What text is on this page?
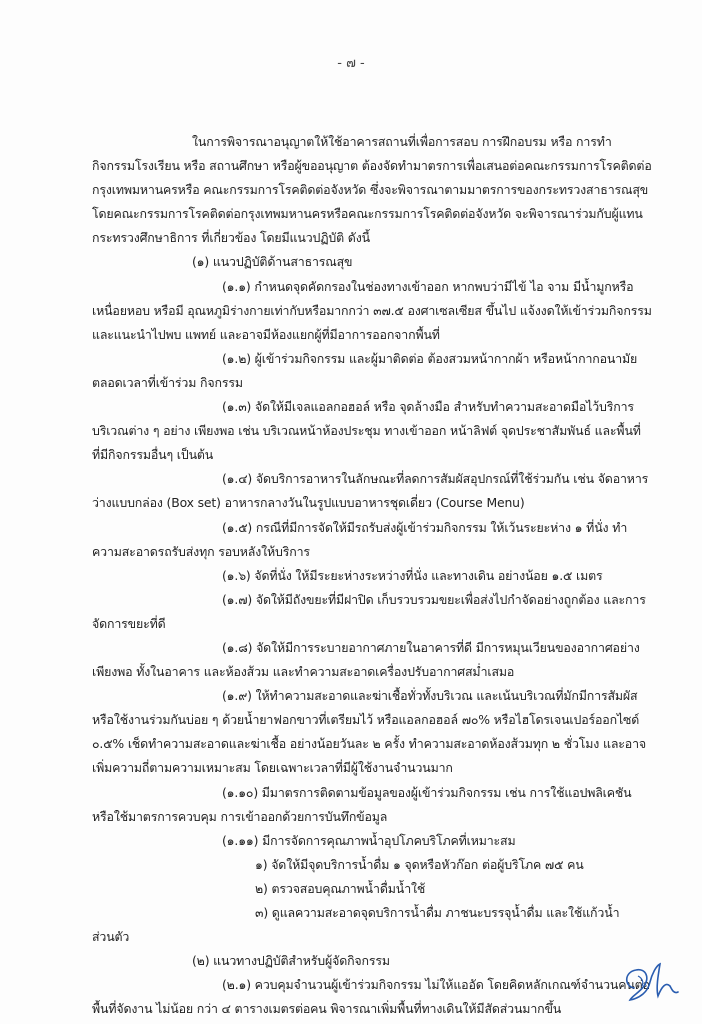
- ๗ -
ในการพิจารณาอนุญาตให้ใช้อาคารสถานที่เพื่อการสอบ การฝึกอบรม หรือ การทำ
กิจกรรมโรงเรียน หรือ สถานศึกษา หรือผู้ขออนุญาต ต้องจัดทำมาตรการเพื่อเสนอต่อคณะกรรมการโรคติดต่อ
กรุงเทพมหานครหรือ คณะกรรมการโรคติดต่อจังหวัด ซึ่งจะพิจารณาตามมาตรการของกระทรวงสาธารณสุข
โดยคณะกรรมการโรคติดต่อกรุงเทพมหานครหรือคณะกรรมการโรคติดต่อจังหวัด จะพิจารณาร่วมกับผู้แทน
กระทรวงศึกษาธิการ ที่เกี่ยวข้อง โดยมีแนวปฏิบัติ ดังนี้
(๑) แนวปฏิบัติด้านสาธารณสุข
(๑.๑) กำหนดจุดคัดกรองในช่องทางเข้าออก หากพบว่ามีไข้ ไอ จาม มีน้ำมูกหรือ
เหนื่อยหอบ หรือมี อุณหภูมิร่างกายเท่ากับหรือมากกว่า ๓๗.๕ องศาเซลเซียส ขึ้นไป แจ้งงดให้เข้าร่วมกิจกรรม
และแนะนำไปพบ แพทย์ และอาจมีห้องแยกผู้ที่มีอาการออกจากพื้นที่
(๑.๒) ผู้เข้าร่วมกิจกรรม และผู้มาติดต่อ ต้องสวมหน้ากากผ้า หรือหน้ากากอนามัย
ตลอดเวลาที่เข้าร่วม กิจกรรม
(๑.๓) จัดให้มีเจลแอลกอฮอล์ หรือ จุดล้างมือ สำหรับทำความสะอาดมือไว้บริการ
บริเวณต่าง ๆ อย่าง เพียงพอ เช่น บริเวณหน้าห้องประชุม ทางเข้าออก หน้าลิฟต์ จุดประชาสัมพันธ์ และพื้นที่
ที่มีกิจกรรมอื่นๆ เป็นต้น
(๑.๔) จัดบริการอาหารในลักษณะที่ลดการสัมผัสอุปกรณ์ที่ใช้ร่วมกัน เช่น จัดอาหาร
ว่างแบบกล่อง (Box set) อาหารกลางวันในรูปแบบอาหารชุดเดี่ยว (Course Menu)
(๑.๕) กรณีที่มีการจัดให้มีรถรับส่งผู้เข้าร่วมกิจกรรม ให้เว้นระยะห่าง ๑ ที่นั่ง ทำ
ความสะอาดรถรับส่งทุก รอบหลังให้บริการ
(๑.๖) จัดที่นั่ง ให้มีระยะห่างระหว่างที่นั่ง และทางเดิน อย่างน้อย ๑.๕ เมตร
(๑.๗) จัดให้มีถังขยะที่มีฝาปิด เก็บรวบรวมขยะเพื่อส่งไปกำจัดอย่างถูกต้อง และการ
จัดการขยะที่ดี
(๑.๘) จัดให้มีการระบายอากาศภายในอาคารที่ดี มีการหมุนเวียนของอากาศอย่าง
เพียงพอ ทั้งในอาคาร และห้องส้วม และทำความสะอาดเครื่องปรับอากาศสม่ำเสมอ
(๑.๙) ให้ทำความสะอาดและฆ่าเชื้อทั่วทั้งบริเวณ และเน้นบริเวณที่มักมีการสัมผัส
หรือใช้งานร่วมกันบ่อย ๆ ด้วยน้ำยาฟอกขาวที่เตรียมไว้ หรือแอลกอฮอล์ ๗๐% หรือไฮโดรเจนเปอร์ออกไซด์
๐.๕% เช็ดทำความสะอาดและฆ่าเชื้อ อย่างน้อยวันละ ๒ ครั้ง ทำความสะอาดห้องส้วมทุก ๒ ชั่วโมง และอาจ
เพิ่มความถี่ตามความเหมาะสม โดยเฉพาะเวลาที่มีผู้ใช้งานจำนวนมาก
(๑.๑๐) มีมาตรการติดตามข้อมูลของผู้เข้าร่วมกิจกรรม เช่น การใช้แอปพลิเคชัน
หรือใช้มาตรการควบคุม การเข้าออกด้วยการบันทึกข้อมูล
(๑.๑๑) มีการจัดการคุณภาพน้ำอุปโภคบริโภคที่เหมาะสม
๑) จัดให้มีจุดบริการน้ำดื่ม ๑ จุดหรือหัวก๊อก ต่อผู้บริโภค ๗๕ คน
๒) ตรวจสอบคุณภาพน้ำดื่มน้ำใช้
๓) ดูแลความสะอาดจุดบริการน้ำดื่ม ภาชนะบรรจุน้ำดื่ม และใช้แก้วน้ำ
ส่วนตัว
(๒) แนวทางปฏิบัติสำหรับผู้จัดกิจกรรม
(๒.๑) ควบคุมจำนวนผู้เข้าร่วมกิจกรรม ไม่ให้แออัด โดยคิดหลักเกณฑ์จำนวนคนต่อ
พื้นที่จัดงาน ไม่น้อย กว่า ๔ ตารางเมตรต่อคน พิจารณาเพิ่มพื้นที่ทางเดินให้มีสัดส่วนมากขึ้น
